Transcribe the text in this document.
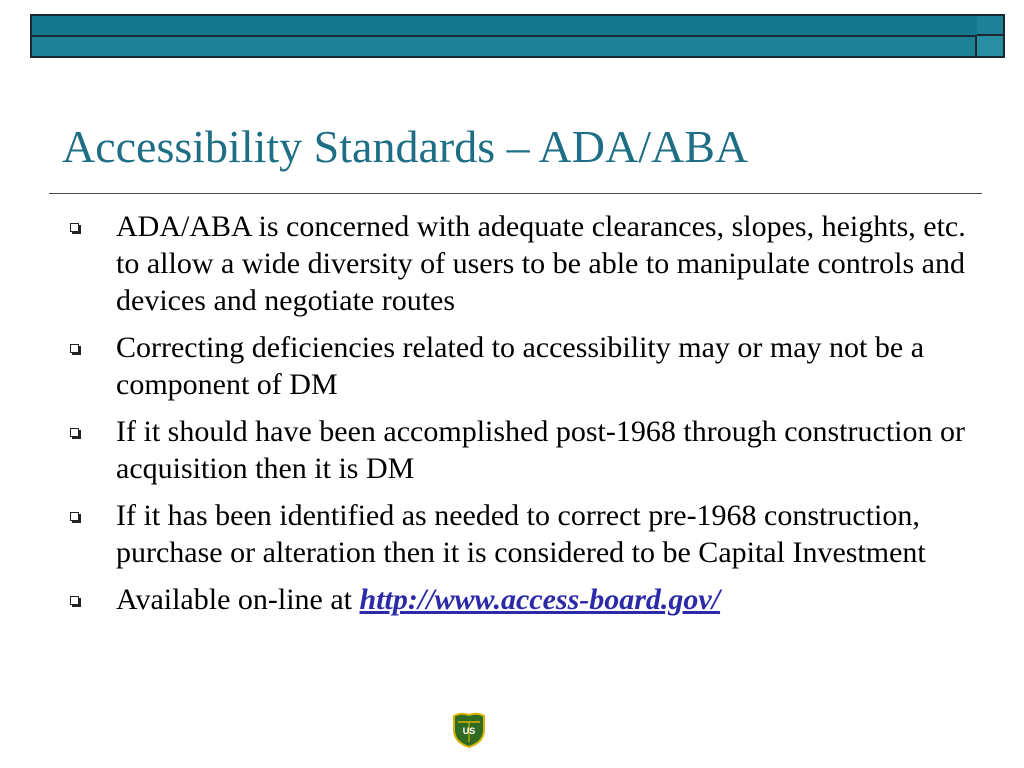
Accessibility Standards – ADA/ABA
ADA/ABA is concerned with adequate clearances, slopes, heights, etc. to allow a wide diversity of users to be able to manipulate controls and devices and negotiate routes
Correcting deficiencies related to accessibility may or may not be a component of DM
If it should have been accomplished post-1968 through construction or acquisition then it is DM
If it has been identified as needed to correct pre-1968 construction, purchase or alteration then it is considered to be Capital Investment
Available on-line at http://www.access-board.gov/
US
